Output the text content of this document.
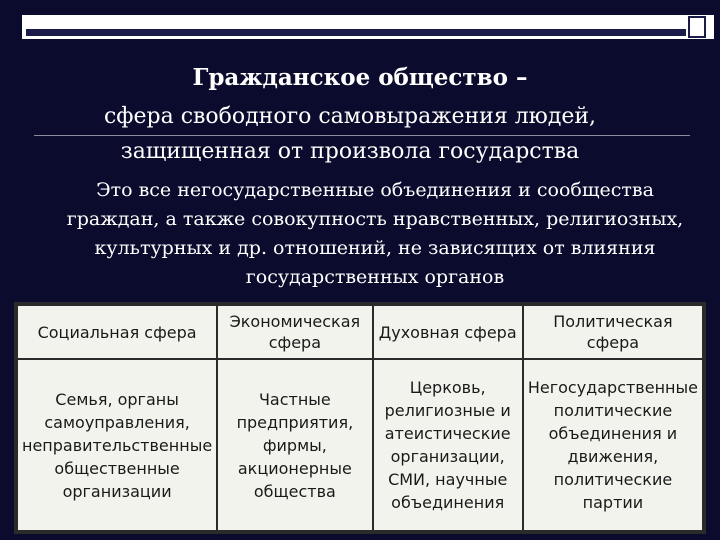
Гражданское общество –
сфера свободного самовыражения людей,
защищенная от произвола государства
Это все негосударственные объединения и сообщества граждан, а также совокупность нравственных, религиозных, культурных и др. отношений, не зависящих от влияния государственных органов
Социальная сфера	Экономическая сфера	Духовная сфера	Политическая сфера
Семья, органы самоуправления, неправительственные общественные организации	Частные предприятия, фирмы, акционерные общества	Церковь, религиозные и атеистические организации, СМИ, научные объединения	Негосударственные политические объединения и движения, политические партии
